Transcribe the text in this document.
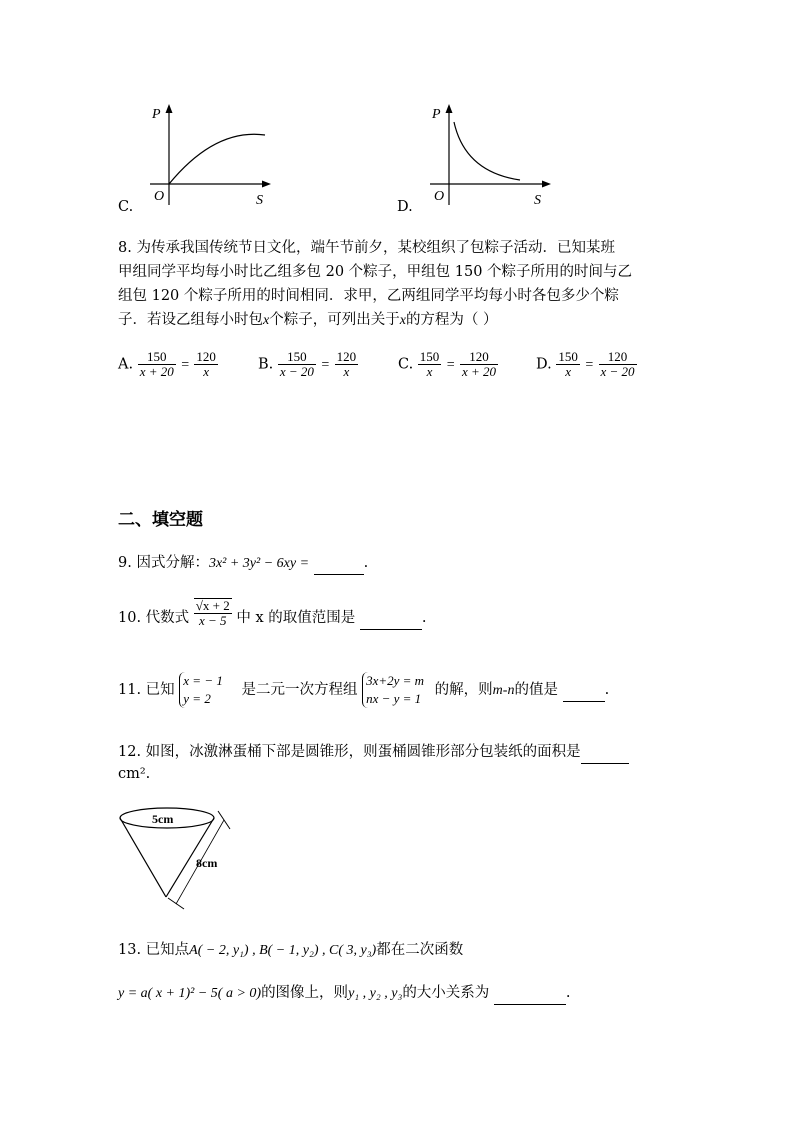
C.
P
O	S	D.
P
O	S
8. 为传承我国传统节日文化，端午节前夕，某校组织了包粽子活动．已知某班
甲组同学平均每小时比乙组多包 20 个粽子，甲组包 150 个粽子所用的时间与乙
组包 120 个粽子所用的时间相同．求甲，乙两组同学平均每小时各包多少个粽
子．若设乙组每小时包x个粽子，可列出关于x的方程为（ ）
A. $\frac{150}{x + 20} = \frac{120}{x}$	B. $\frac{150}{x - 20} = \frac{120}{x}$	C. $\frac{150}{x} = \frac{120}{x + 20}$	D. $\frac{150}{x} = \frac{120}{x - 20}$
二、填空题
9. 因式分解：3x² + 3y² − 6xy =	.
10. 代数式 $\frac{√x + 2}{x - 5}$ 中 x 的取值范围是	.
11. 已知
x = − 1
y = 2
是二元一次方程组
3x+2y = m
nx − y = 1
的解，则m-n的值是	.
12. 如图，冰激淋蛋桶下部是圆锥形，则蛋桶圆锥形部分包装纸的面积是
cm².
5cm
8cm
13. 已知点A( − 2, y₁) , B( − 1, y₂) , C( 3, y₃)都在二次函数
y = a( x + 1)² − 5( a > 0)的图像上，则y₁ , y₂ , y₃的大小关系为	.
